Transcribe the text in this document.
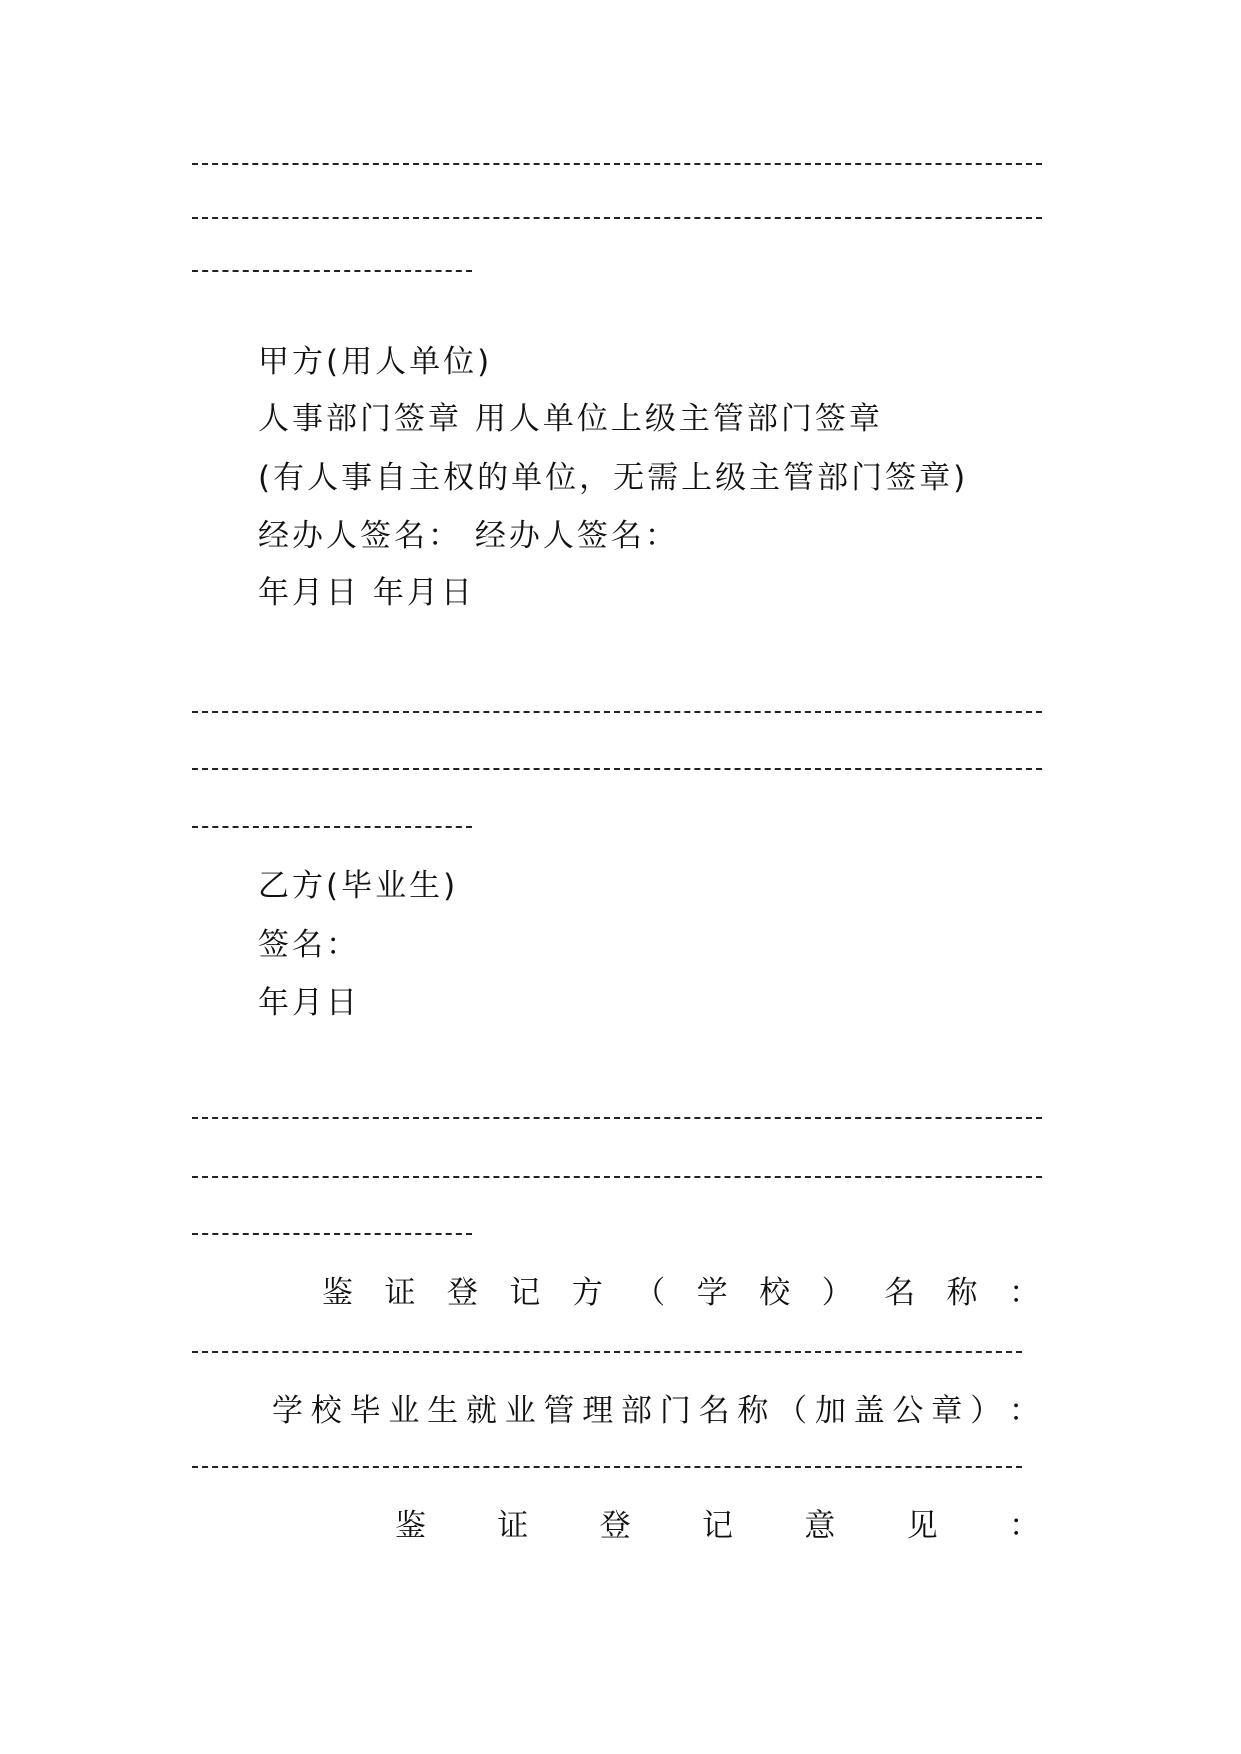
甲方(用人单位)
人事部门签章 用人单位上级主管部门签章
(有人事自主权的单位，无需上级主管部门签章)
经办人签名： 经办人签名：
年月日 年月日
乙方(毕业生)
签名：
年月日
鉴 证 登 记 方 （ 学 校 ） 名 称 ：
学 校 毕 业 生 就 业 管 理 部 门 名 称 （ 加 盖 公 章 ） ：
鉴 证 登 记 意 见 ：
